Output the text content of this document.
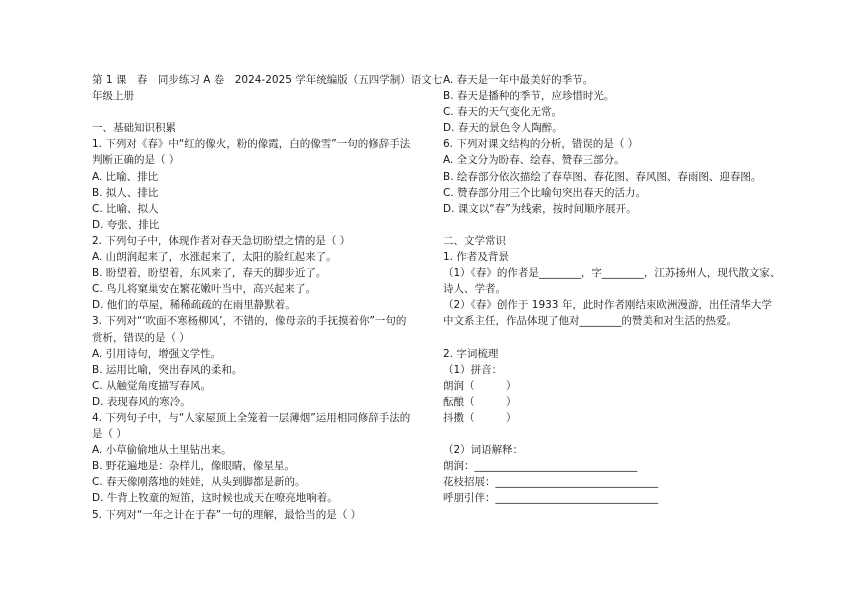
第 1 课　春　同步练习 A 卷　2024-2025 学年统编版（五四学制）语文七
年级上册
一、基础知识积累
1. 下列对《春》中“红的像火，粉的像霞，白的像雪”一句的修辞手法
判断正确的是（ ）
A. 比喻、排比
B. 拟人、排比
C. 比喻、拟人
D. 夸张、排比
2. 下列句子中，体现作者对春天急切盼望之情的是（ ）
A. 山朗润起来了，水涨起来了，太阳的脸红起来了。
B. 盼望着，盼望着，东风来了，春天的脚步近了。
C. 鸟儿将窠巢安在繁花嫩叶当中，高兴起来了。
D. 他们的草屋，稀稀疏疏的在雨里静默着。
3. 下列对“‘吹面不寒杨柳风’，不错的，像母亲的手抚摸着你”一句的
赏析，错误的是（ ）
A. 引用诗句，增强文学性。
B. 运用比喻，突出春风的柔和。
C. 从触觉角度描写春风。
D. 表现春风的寒冷。
4. 下列句子中，与“人家屋顶上全笼着一层薄烟”运用相同修辞手法的
是（ ）
A. 小草偷偷地从土里钻出来。
B. 野花遍地是：杂样儿，像眼睛，像星星。
C. 春天像刚落地的娃娃，从头到脚都是新的。
D. 牛背上牧童的短笛，这时候也成天在嘹亮地响着。
5. 下列对“一年之计在于春”一句的理解，最恰当的是（ ）
A. 春天是一年中最美好的季节。
B. 春天是播种的季节，应珍惜时光。
C. 春天的天气变化无常。
D. 春天的景色令人陶醉。
6. 下列对课文结构的分析，错误的是（ ）
A. 全文分为盼春、绘春、赞春三部分。
B. 绘春部分依次描绘了春草图、春花图、春风图、春雨图、迎春图。
C. 赞春部分用三个比喻句突出春天的活力。
D. 课文以“春”为线索，按时间顺序展开。
二、文学常识
1. 作者及背景
（1）《春》的作者是________，字________，江苏扬州人，现代散文家、
诗人、学者。
（2）《春》创作于 1933 年，此时作者刚结束欧洲漫游，出任清华大学
中文系主任，作品体现了他对________的赞美和对生活的热爱。
2. 字词梳理
（1）拼音：
朗润（　　　）
酝酿（　　　）
抖擞（　　　）
（2）词语解释：
朗润：_______________________________
花枝招展：_______________________________
呼朋引伴：_______________________________
